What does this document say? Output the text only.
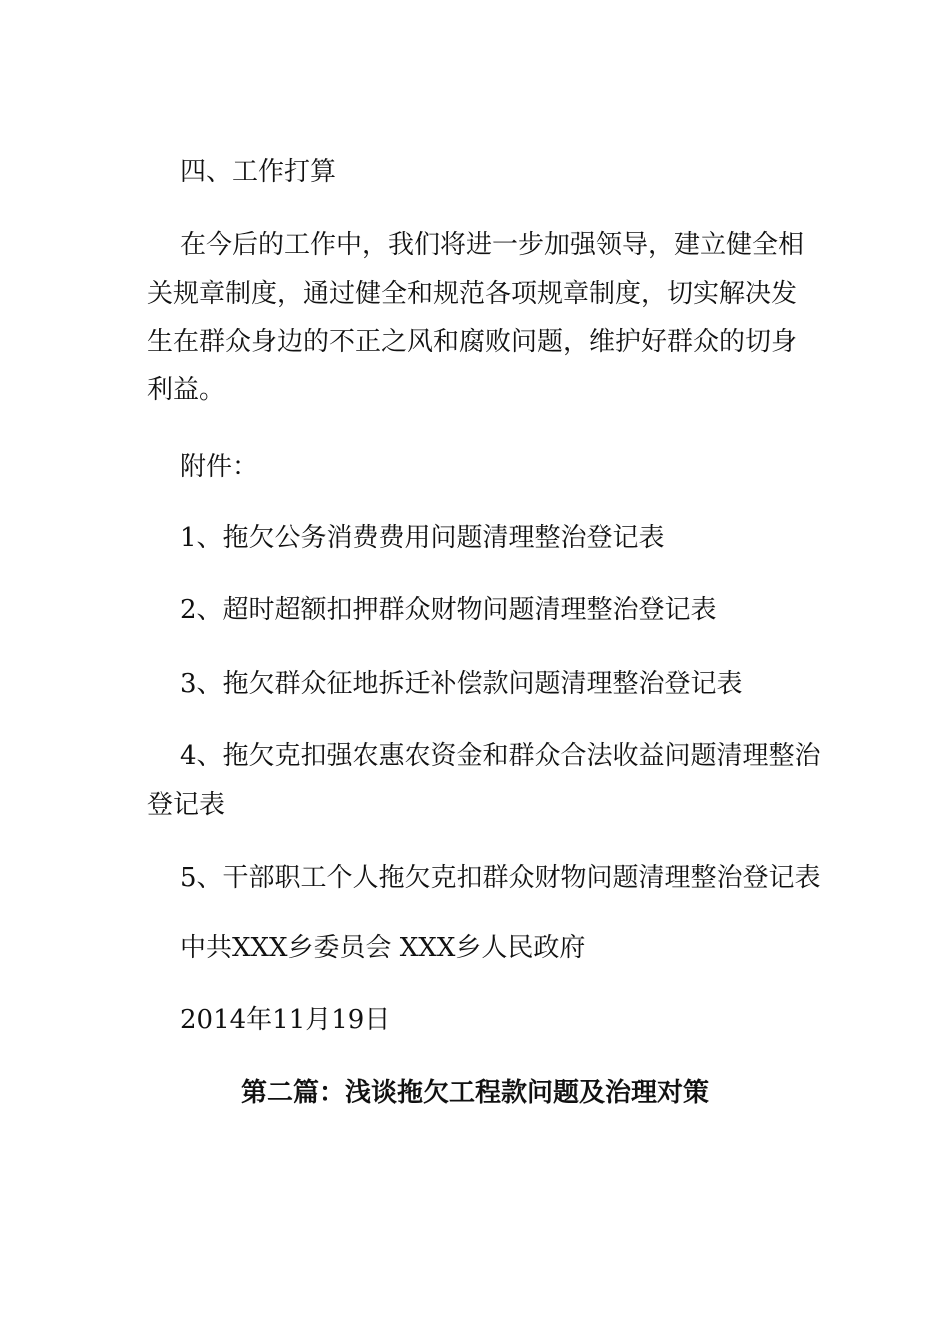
四、工作打算
在今后的工作中，我们将进一步加强领导，建立健全相
关规章制度，通过健全和规范各项规章制度，切实解决发
生在群众身边的不正之风和腐败问题，维护好群众的切身
利益。
附件：
1、拖欠公务消费费用问题清理整治登记表
2、超时超额扣押群众财物问题清理整治登记表
3、拖欠群众征地拆迁补偿款问题清理整治登记表
4、拖欠克扣强农惠农资金和群众合法收益问题清理整治
登记表
5、干部职工个人拖欠克扣群众财物问题清理整治登记表
中共XXX乡委员会 XXX乡人民政府
2014年11月19日
第二篇：浅谈拖欠工程款问题及治理对策
